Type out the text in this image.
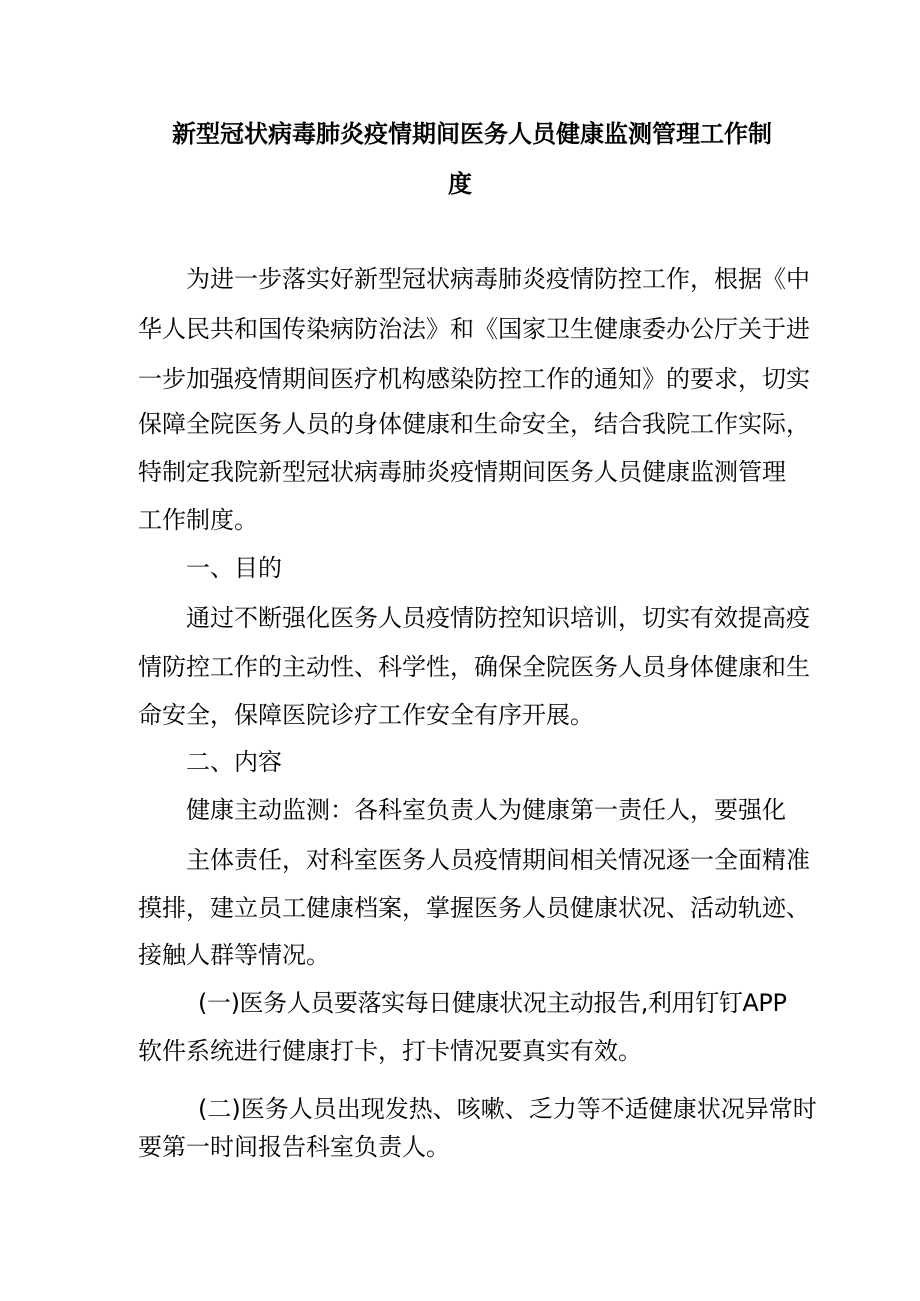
新型冠状病毒肺炎疫情期间医务人员健康监测管理工作制
度
为进一步落实好新型冠状病毒肺炎疫情防控工作，根据《中
华人民共和国传染病防治法》和《国家卫生健康委办公厅关于进
一步加强疫情期间医疗机构感染防控工作的通知》的要求，切实
保障全院医务人员的身体健康和生命安全，结合我院工作实际，
特制定我院新型冠状病毒肺炎疫情期间医务人员健康监测管理
工作制度。
一、目的
通过不断强化医务人员疫情防控知识培训，切实有效提高疫
情防控工作的主动性、科学性，确保全院医务人员身体健康和生
命安全，保障医院诊疗工作安全有序开展。
二、内容
健康主动监测：各科室负责人为健康第一责任人，要强化
主体责任，对科室医务人员疫情期间相关情况逐一全面精准
摸排，建立员工健康档案，掌握医务人员健康状况、活动轨迹、
接触人群等情况。
(一)医务人员要落实每日健康状况主动报告,利用钉钉APP
软件系统进行健康打卡，打卡情况要真实有效。
(二)医务人员出现发热、咳嗽、乏力等不适健康状况异常时
要第一时间报告科室负责人。
